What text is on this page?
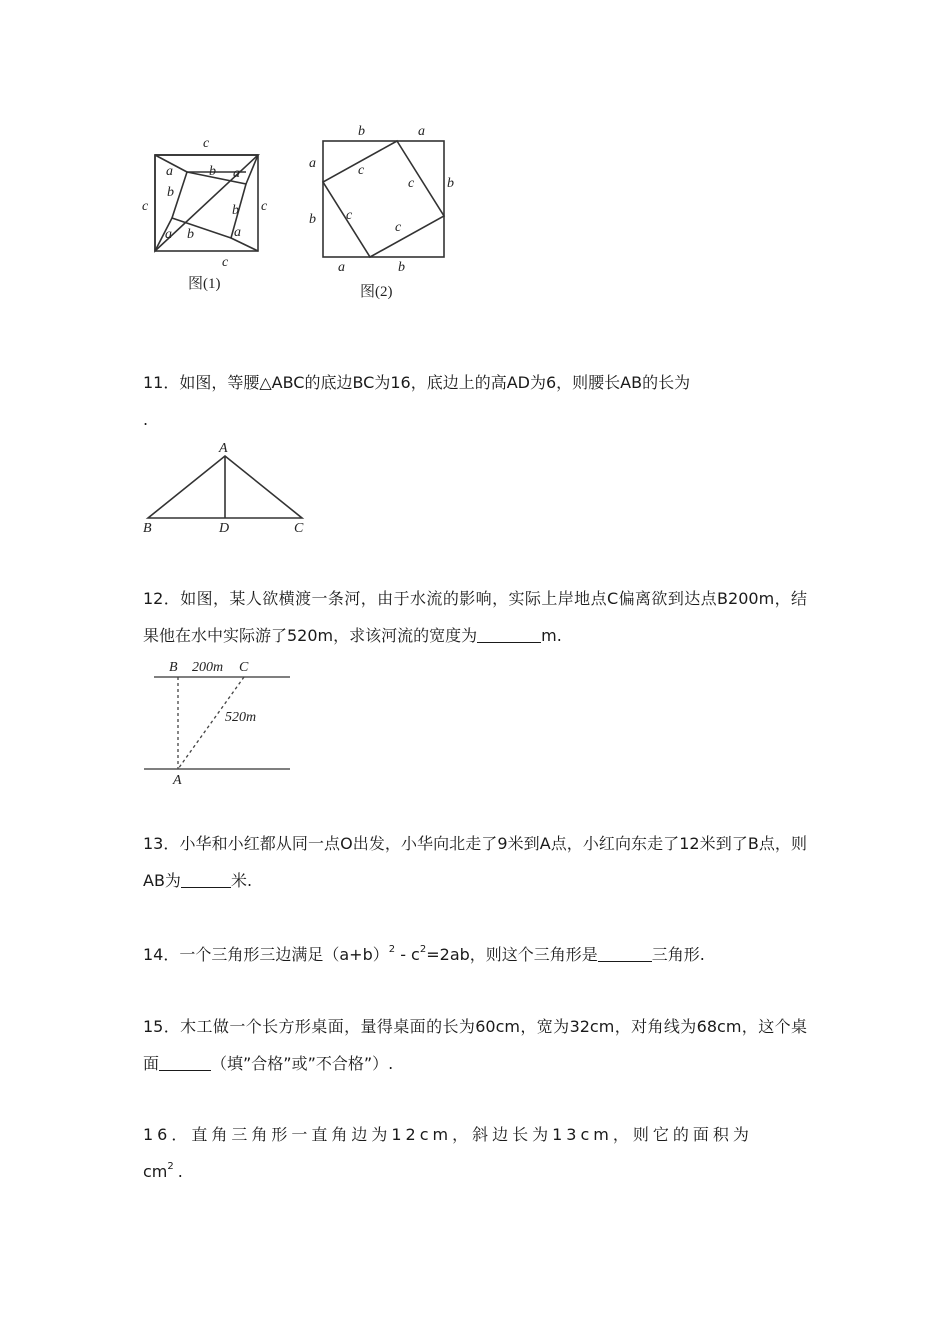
c
a	b a
b
c	b c
a b	a
c
图(1)
b	a
a
b
b
c
c
c
c
a	b
图(2)

11．如图，等腰△ABC的底边BC为16，底边上的高AD为6，则腰长AB的长为
.

A
B	D	C

12．如图，某人欲横渡一条河，由于水流的影响，实际上岸地点C偏离欲到达点B200m，结果他在水中实际游了520m，求该河流的宽度为	m.

B 200m C
520m
A

13．小华和小红都从同一点O出发，小华向北走了9米到A点，小红向东走了12米到了B点，则AB为	米.

14．一个三角形三边满足$(a+b)^2 - c^2=2ab$，则这个三角形是	三角形.

15．木工做一个长方形桌面，量得桌面的长为60cm，宽为32cm，对角线为68cm，这个桌面	（填”合格”或”不合格”）.

16．直角三角形一直角边为12cm，斜边长为13cm，则它的面积为
$cm^2$.
